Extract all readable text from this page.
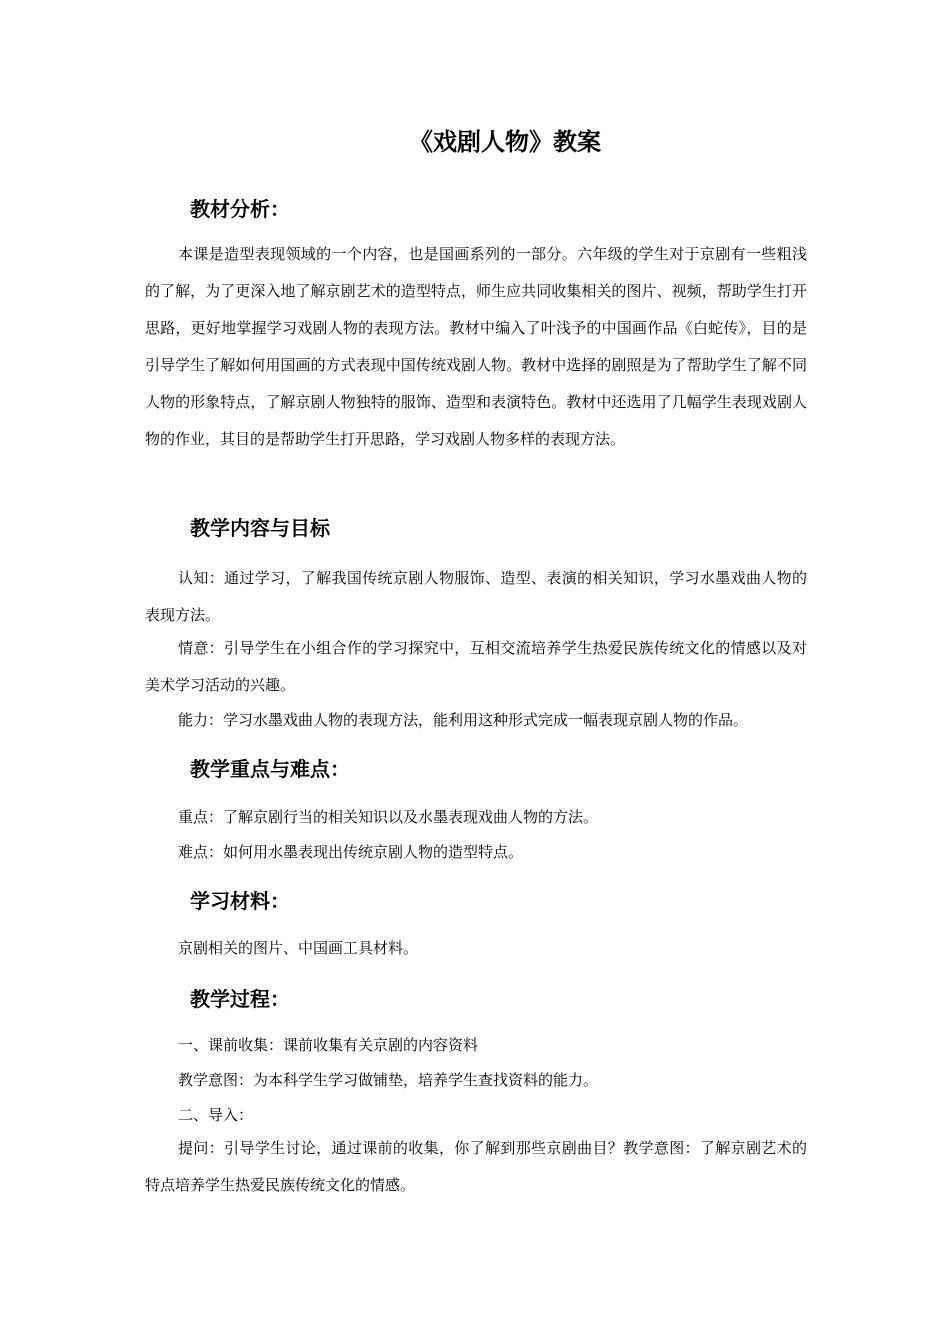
《戏剧人物》教案
教材分析：

本课是造型表现领域的一个内容，也是国画系列的一部分。六年级的学生对于京剧有一些粗浅的了解，为了更深入地了解京剧艺术的造型特点，师生应共同收集相关的图片、视频，帮助学生打开思路，更好地掌握学习戏剧人物的表现方法。教材中编入了叶浅予的中国画作品《白蛇传》，目的是引导学生了解如何用国画的方式表现中国传统戏剧人物。教材中选择的剧照是为了帮助学生了解不同人物的形象特点，了解京剧人物独特的服饰、造型和表演特色。教材中还选用了几幅学生表现戏剧人物的作业，其目的是帮助学生打开思路，学习戏剧人物多样的表现方法。

教学内容与目标

认知：通过学习，了解我国传统京剧人物服饰、造型、表演的相关知识，学习水墨戏曲人物的表现方法。

情意：引导学生在小组合作的学习探究中，互相交流培养学生热爱民族传统文化的情感以及对美术学习活动的兴趣。

能力：学习水墨戏曲人物的表现方法，能利用这种形式完成一幅表现京剧人物的作品。

教学重点与难点：
重点：了解京剧行当的相关知识以及水墨表现戏曲人物的方法。
难点：如何用水墨表现出传统京剧人物的造型特点。
学习材料：
京剧相关的图片、中国画工具材料。
教学过程：
一、课前收集：课前收集有关京剧的内容资料
教学意图：为本科学生学习做铺垫，培养学生查找资料的能力。
二、导入：

提问：引导学生讨论，通过课前的收集，你了解到那些京剧曲目？教学意图：了解京剧艺术的特点培养学生热爱民族传统文化的情感。
